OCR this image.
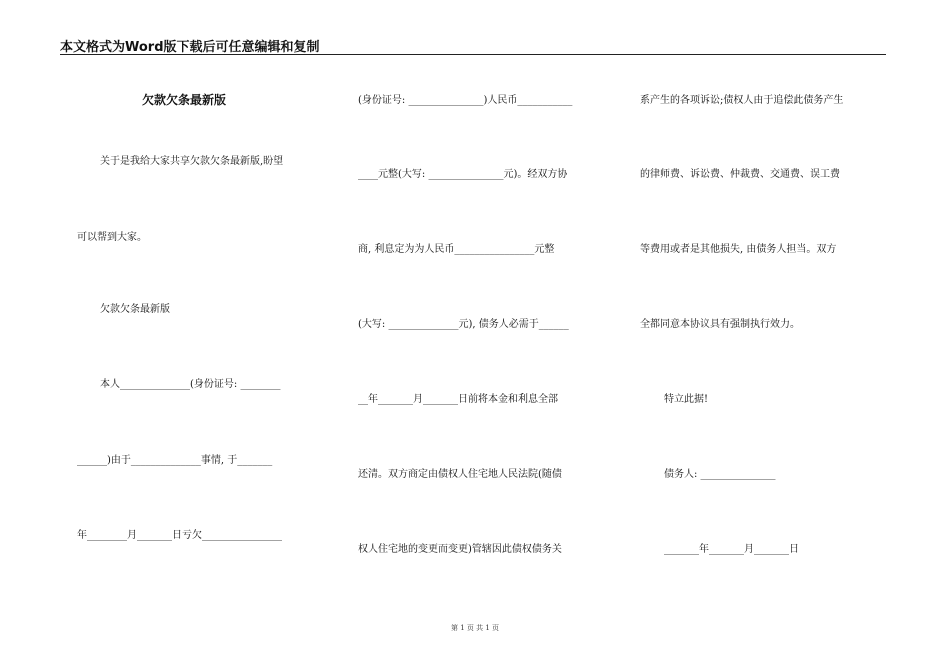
本文格式为Word版下载后可任意编辑和复制
欠款欠条最新版
关于是我给大家共享欠款欠条最新版,盼望
可以帮到大家。
欠款欠条最新版
本人______________(身份证号: ________
______)由于______________事情, 于_______
年________月_______日亏欠________________
(身份证号: _______________)人民币___________
____元整(大写: _______________元)。经双方协
商, 利息定为为人民币________________元整
(大写: ______________元), 债务人必需于______
__年_______月_______日前将本金和利息全部
还清。双方商定由债权人住宅地人民法院(随债
权人住宅地的变更而变更)管辖因此债权债务关
系产生的各项诉讼;债权人由于追偿此债务产生
的律师费、诉讼费、仲裁费、交通费、误工费
等费用或者是其他损失, 由债务人担当。双方
全都同意本协议具有强制执行效力。
特立此据!
债务人: _______________
_______年_______月_______日
第 1 页 共 1 页
